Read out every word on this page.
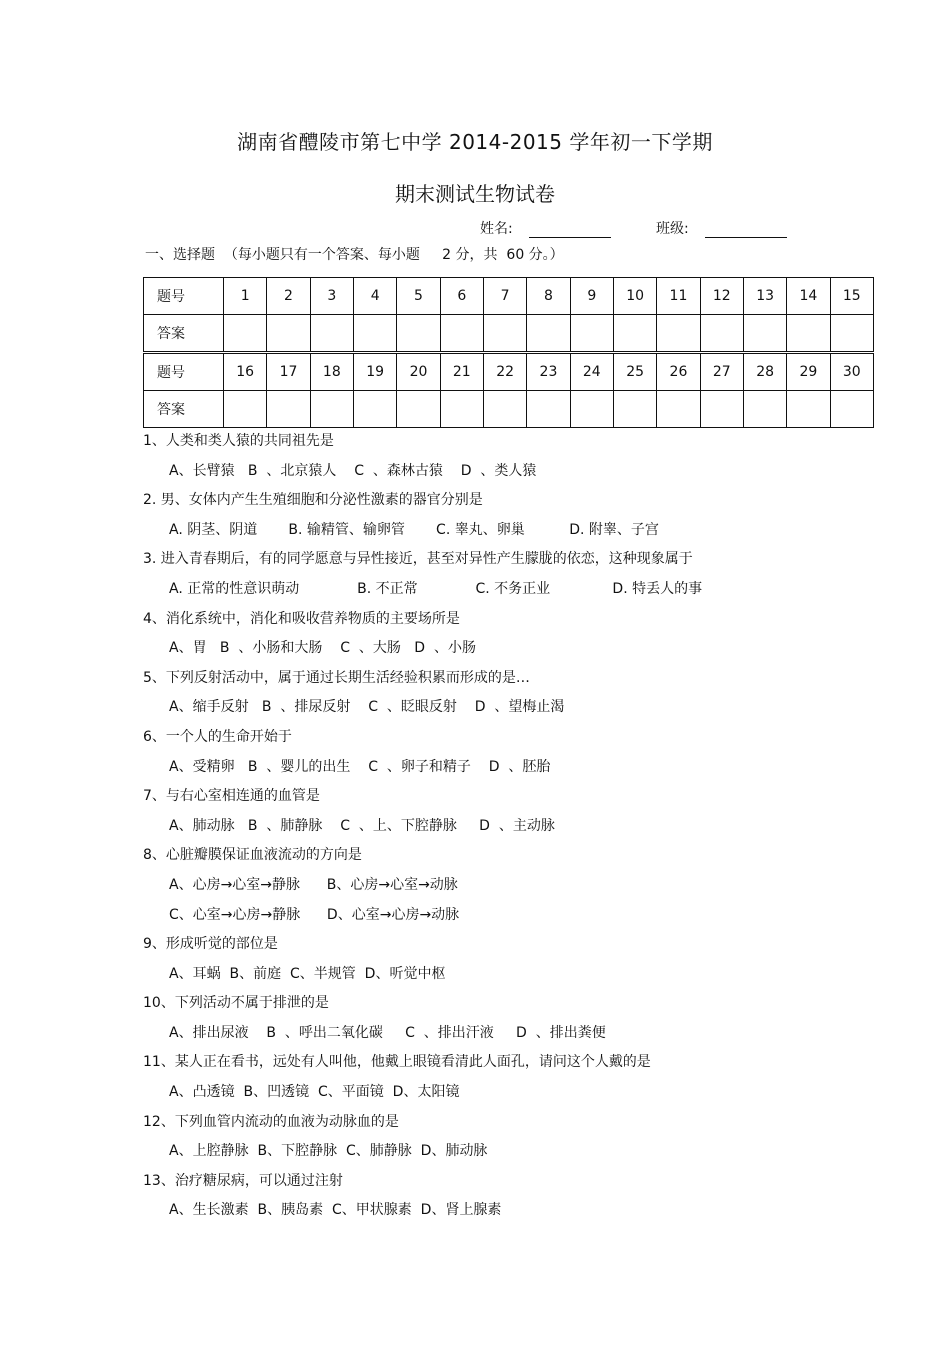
湖南省醴陵市第七中学 2014-2015 学年初一下学期
期末测试生物试卷
姓名:	班级:
一、选择题  （每小题只有一个答案、每小题     2 分，共  60 分。）
题号	1	2	3	4	5	6	7	8	9	10	11	12	13	14	15
答案															
题号	16	17	18	19	20	21	22	23	24	25	26	27	28	29	30
答案															
1、人类和类人猿的共同祖先是
A、长臂猿   B  、北京猿人    C  、森林古猿    D  、类人猿
2. 男、女体内产生生殖细胞和分泌性激素的器官分别是
A. 阴茎、阴道       B. 输精管、输卵管       C. 睾丸、卵巢          D. 附睾、子宫
3. 进入青春期后，有的同学愿意与异性接近，甚至对异性产生朦胧的依恋，这种现象属于
A. 正常的性意识萌动             B. 不正常             C. 不务正业              D. 特丢人的事
4、消化系统中，消化和吸收营养物质的主要场所是
A、胃   B  、小肠和大肠    C  、大肠   D  、小肠
5、下列反射活动中，属于通过长期生活经验积累而形成的是…
A、缩手反射   B  、排尿反射    C  、眨眼反射    D  、望梅止渴
6、一个人的生命开始于
A、受精卵   B  、婴儿的出生    C  、卵子和精子    D  、胚胎
7、与右心室相连通的血管是
A、肺动脉   B  、肺静脉    C  、上、下腔静脉     D  、主动脉
8、心脏瓣膜保证血液流动的方向是
A、心房→心室→静脉      B、心房→心室→动脉
C、心室→心房→静脉      D、心室→心房→动脉
9、形成听觉的部位是
A、耳蜗  B、前庭  C、半规管  D、听觉中枢
10、下列活动不属于排泄的是
A、排出尿液    B  、呼出二氧化碳     C  、排出汗液     D  、排出粪便
11、某人正在看书，远处有人叫他，他戴上眼镜看清此人面孔，请问这个人戴的是
A、凸透镜  B、凹透镜  C、平面镜  D、太阳镜
12、下列血管内流动的血液为动脉血的是
A、上腔静脉  B、下腔静脉  C、肺静脉  D、肺动脉
13、治疗糖尿病，可以通过注射
A、生长激素  B、胰岛素  C、甲状腺素  D、肾上腺素
